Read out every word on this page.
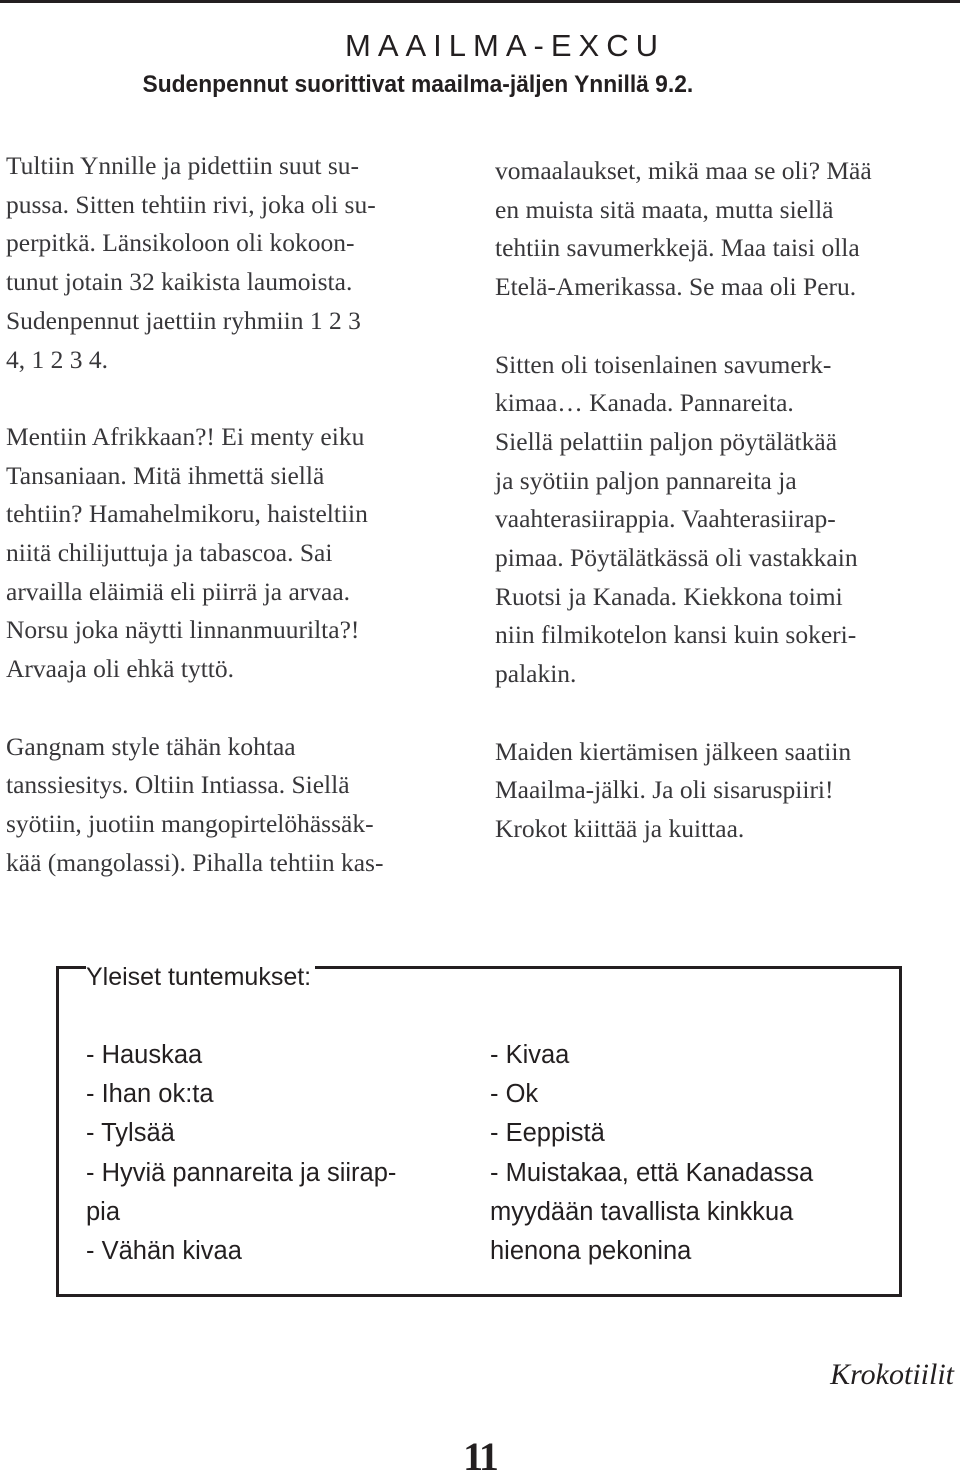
MAAILMA-EXCU
Sudenpennut suorittivat maailma-jäljen Ynnillä 9.2.

Tultiin Ynnille ja pidettiin suut su-
pussa. Sitten tehtiin rivi, joka oli su-
perpitkä. Länsikoloon oli kokoon-
tunut jotain 32 kaikista laumoista.
Sudenpennut jaettiin ryhmiin 1 2 3
4, 1 2 3 4.

Mentiin Afrikkaan?! Ei menty eiku
Tansaniaan. Mitä ihmettä siellä
tehtiin? Hamahelmikoru, haisteltiin
niitä chilijuttuja ja tabascoa. Sai
arvailla eläimiä eli piirrä ja arvaa.
Norsu joka näytti linnanmuurilta?!
Arvaaja oli ehkä tyttö.

Gangnam style tähän kohtaa
tanssiesitys. Oltiin Intiassa. Siellä
syötiin, juotiin mangopirtelöhässäk-
kää (mangolassi). Pihalla tehtiin kas-

vomaalaukset, mikä maa se oli? Mää
en muista sitä maata, mutta siellä
tehtiin savumerkkejä. Maa taisi olla
Etelä-Amerikassa. Se maa oli Peru.

Sitten oli toisenlainen savumerk-
kimaa… Kanada. Pannareita.
Siellä pelattiin paljon pöytälätkää
ja syötiin paljon pannareita ja
vaahterasiirappia. Vaahterasiirap-
pimaa. Pöytälätkässä oli vastakkain
Ruotsi ja Kanada. Kiekkona toimi
niin filmikotelon kansi kuin sokeri-
palakin.

Maiden kiertämisen jälkeen saatiin
Maailma-jälki. Ja oli sisaruspiiri!
Krokot kiittää ja kuittaa.

Yleiset tuntemukset:
- Hauskaa
- Ihan ok:ta
- Tylsää
- Hyviä pannareita ja siirap-
pia
- Vähän kivaa
- Kivaa
- Ok
- Eeppistä
- Muistakaa, että Kanadassa
myydään tavallista kinkkua
hienona pekonina
Krokotiilit
11
